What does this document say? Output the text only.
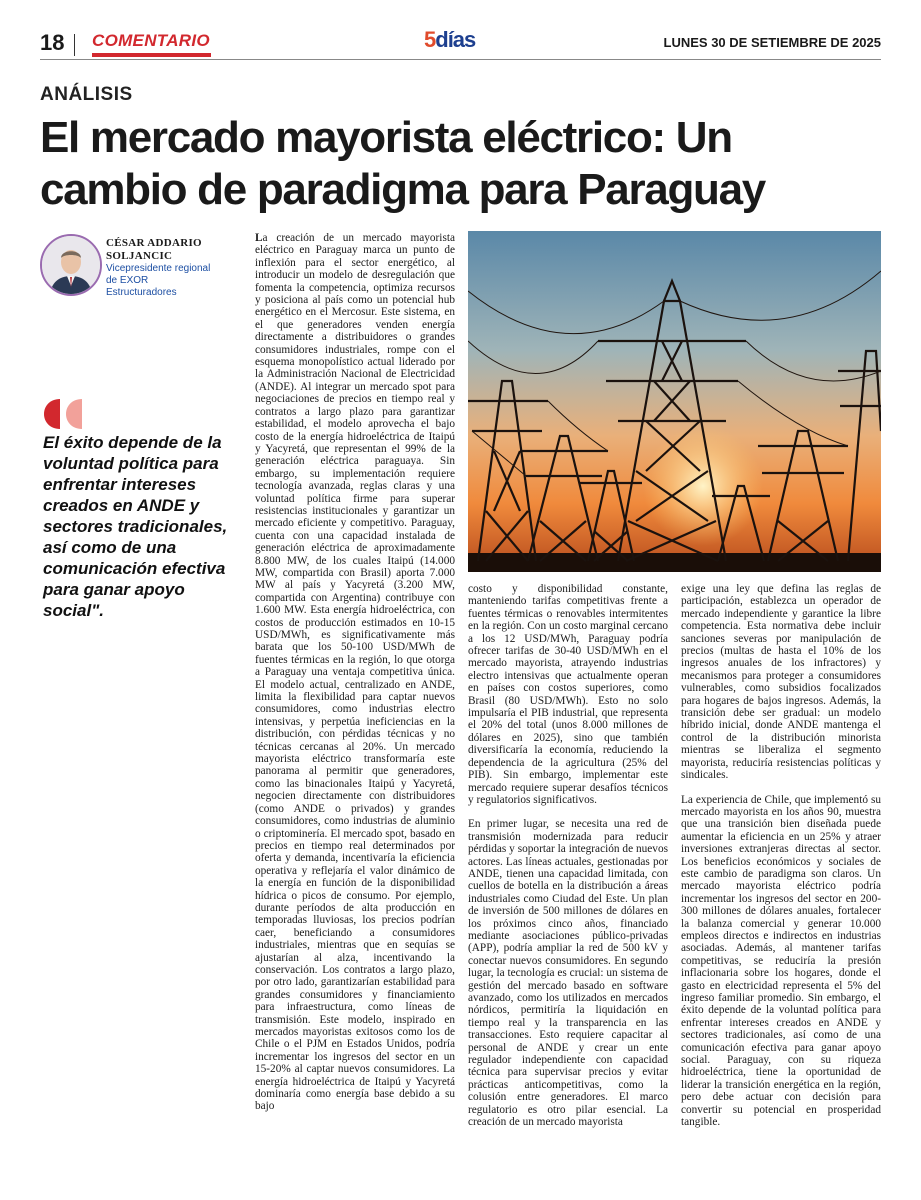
18 COMENTARIO	5 días	LUNES 30 DE SETIEMBRE DE 2025
ANÁLISIS
El mercado mayorista eléctrico: Un cambio de paradigma para Paraguay
CÉSAR ADDARIO SOLJANCIC
Vicepresidente regional de EXOR Estructuradores
El éxito depende de la voluntad política para enfrentar intereses creados en ANDE y sectores tradicionales, así como de una comunicación efectiva para ganar apoyo social".

La creación de un mercado mayorista eléctrico en Paraguay marca un punto de inflexión para el sector energético, al introducir un modelo de desregulación que fomenta la competencia, optimiza recursos y posiciona al país como un potencial hub energético en el Mercosur. Este sistema, en el que generadores venden energía directamente a distribuidores o grandes consumidores industriales, rompe con el esquema monopolístico actual liderado por la Administración Nacional de Electricidad (ANDE). Al integrar un mercado spot para negociaciones de precios en tiempo real y contratos a largo plazo para garantizar estabilidad, el modelo aprovecha el bajo costo de la energía hidroeléctrica de Itaipú y Yacyretá, que representan el 99% de la generación eléctrica paraguaya. Sin embargo, su implementación requiere tecnología avanzada, reglas claras y una voluntad política firme para superar resistencias institucionales y garantizar un mercado eficiente y competitivo. Paraguay, cuenta con una capacidad instalada de generación eléctrica de aproximadamente 8.800 MW, de los cuales Itaipú (14.000 MW, compartida con Brasil) aporta 7.000 MW al país y Yacyretá (3.200 MW, compartida con Argentina) contribuye con 1.600 MW. Esta energía hidroeléctrica, con costos de producción estimados en 10-15 USD/MWh, es significativamente más barata que los 50-100 USD/MWh de fuentes térmicas en la región, lo que otorga a Paraguay una ventaja competitiva única. El modelo actual, centralizado en ANDE, limita la flexibilidad para captar nuevos consumidores, como industrias electro intensivas, y perpetúa ineficiencias en la distribución, con pérdidas técnicas y no técnicas cercanas al 20%. Un mercado mayorista eléctrico transformaría este panorama al permitir que generadores, como las binacionales Itaipú y Yacyretá, negocien directamente con distribuidores (como ANDE o privados) y grandes consumidores, como industrias de aluminio o criptominería. El mercado spot, basado en precios en tiempo real determinados por oferta y demanda, incentivaría la eficiencia operativa y reflejaría el valor dinámico de la energía en función de la disponibilidad hídrica o picos de consumo. Por ejemplo, durante períodos de alta producción en temporadas lluviosas, los precios podrían caer, beneficiando a consumidores industriales, mientras que en sequías se ajustarían al alza, incentivando la conservación. Los contratos a largo plazo, por otro lado, garantizarían estabilidad para grandes consumidores y financiamiento para infraestructura, como líneas de transmisión. Este modelo, inspirado en mercados mayoristas exitosos como los de Chile o el PJM en Estados Unidos, podría incrementar los ingresos del sector en un 15-20% al captar nuevos consumidores. La energía hidroeléctrica de Itaipú y Yacyretá dominaría como energía base debido a su bajo

costo y disponibilidad constante, manteniendo tarifas competitivas frente a fuentes térmicas o renovables intermitentes en la región. Con un costo marginal cercano a los 12 USD/MWh, Paraguay podría ofrecer tarifas de 30-40 USD/MWh en el mercado mayorista, atrayendo industrias electro intensivas que actualmente operan en países con costos superiores, como Brasil (80 USD/MWh). Esto no solo impulsaría el PIB industrial, que representa el 20% del total (unos 8.000 millones de dólares en 2025), sino que también diversificaría la economía, reduciendo la dependencia de la agricultura (25% del PIB). Sin embargo, implementar este mercado requiere superar desafíos técnicos y regulatorios significativos.

En primer lugar, se necesita una red de transmisión modernizada para reducir pérdidas y soportar la integración de nuevos actores. Las líneas actuales, gestionadas por ANDE, tienen una capacidad limitada, con cuellos de botella en la distribución a áreas industriales como Ciudad del Este. Un plan de inversión de 500 millones de dólares en los próximos cinco años, financiado mediante asociaciones público-privadas (APP), podría ampliar la red de 500 kV y conectar nuevos consumidores. En segundo lugar, la tecnología es crucial: un sistema de gestión del mercado basado en software avanzado, como los utilizados en mercados nórdicos, permitiría la liquidación en tiempo real y la transparencia en las transacciones. Esto requiere capacitar al personal de ANDE y crear un ente regulador independiente con capacidad técnica para supervisar precios y evitar prácticas anticompetitivas, como la colusión entre generadores. El marco regulatorio es otro pilar esencial. La creación de un mercado mayorista

exige una ley que defina las reglas de participación, establezca un operador de mercado independiente y garantice la libre competencia. Esta normativa debe incluir sanciones severas por manipulación de precios (multas de hasta el 10% de los ingresos anuales de los infractores) y mecanismos para proteger a consumidores vulnerables, como subsidios focalizados para hogares de bajos ingresos. Además, la transición debe ser gradual: un modelo híbrido inicial, donde ANDE mantenga el control de la distribución minorista mientras se liberaliza el segmento mayorista, reduciría resistencias políticas y sindicales.

La experiencia de Chile, que implementó su mercado mayorista en los años 90, muestra que una transición bien diseñada puede aumentar la eficiencia en un 25% y atraer inversiones extranjeras directas al sector. Los beneficios económicos y sociales de este cambio de paradigma son claros. Un mercado mayorista eléctrico podría incrementar los ingresos del sector en 200-300 millones de dólares anuales, fortalecer la balanza comercial y generar 10.000 empleos directos e indirectos en industrias asociadas. Además, al mantener tarifas competitivas, se reduciría la presión inflacionaria sobre los hogares, donde el gasto en electricidad representa el 5% del ingreso familiar promedio. Sin embargo, el éxito depende de la voluntad política para enfrentar intereses creados en ANDE y sectores tradicionales, así como de una comunicación efectiva para ganar apoyo social. Paraguay, con su riqueza hidroeléctrica, tiene la oportunidad de liderar la transición energética en la región, pero debe actuar con decisión para convertir su potencial en prosperidad tangible.
